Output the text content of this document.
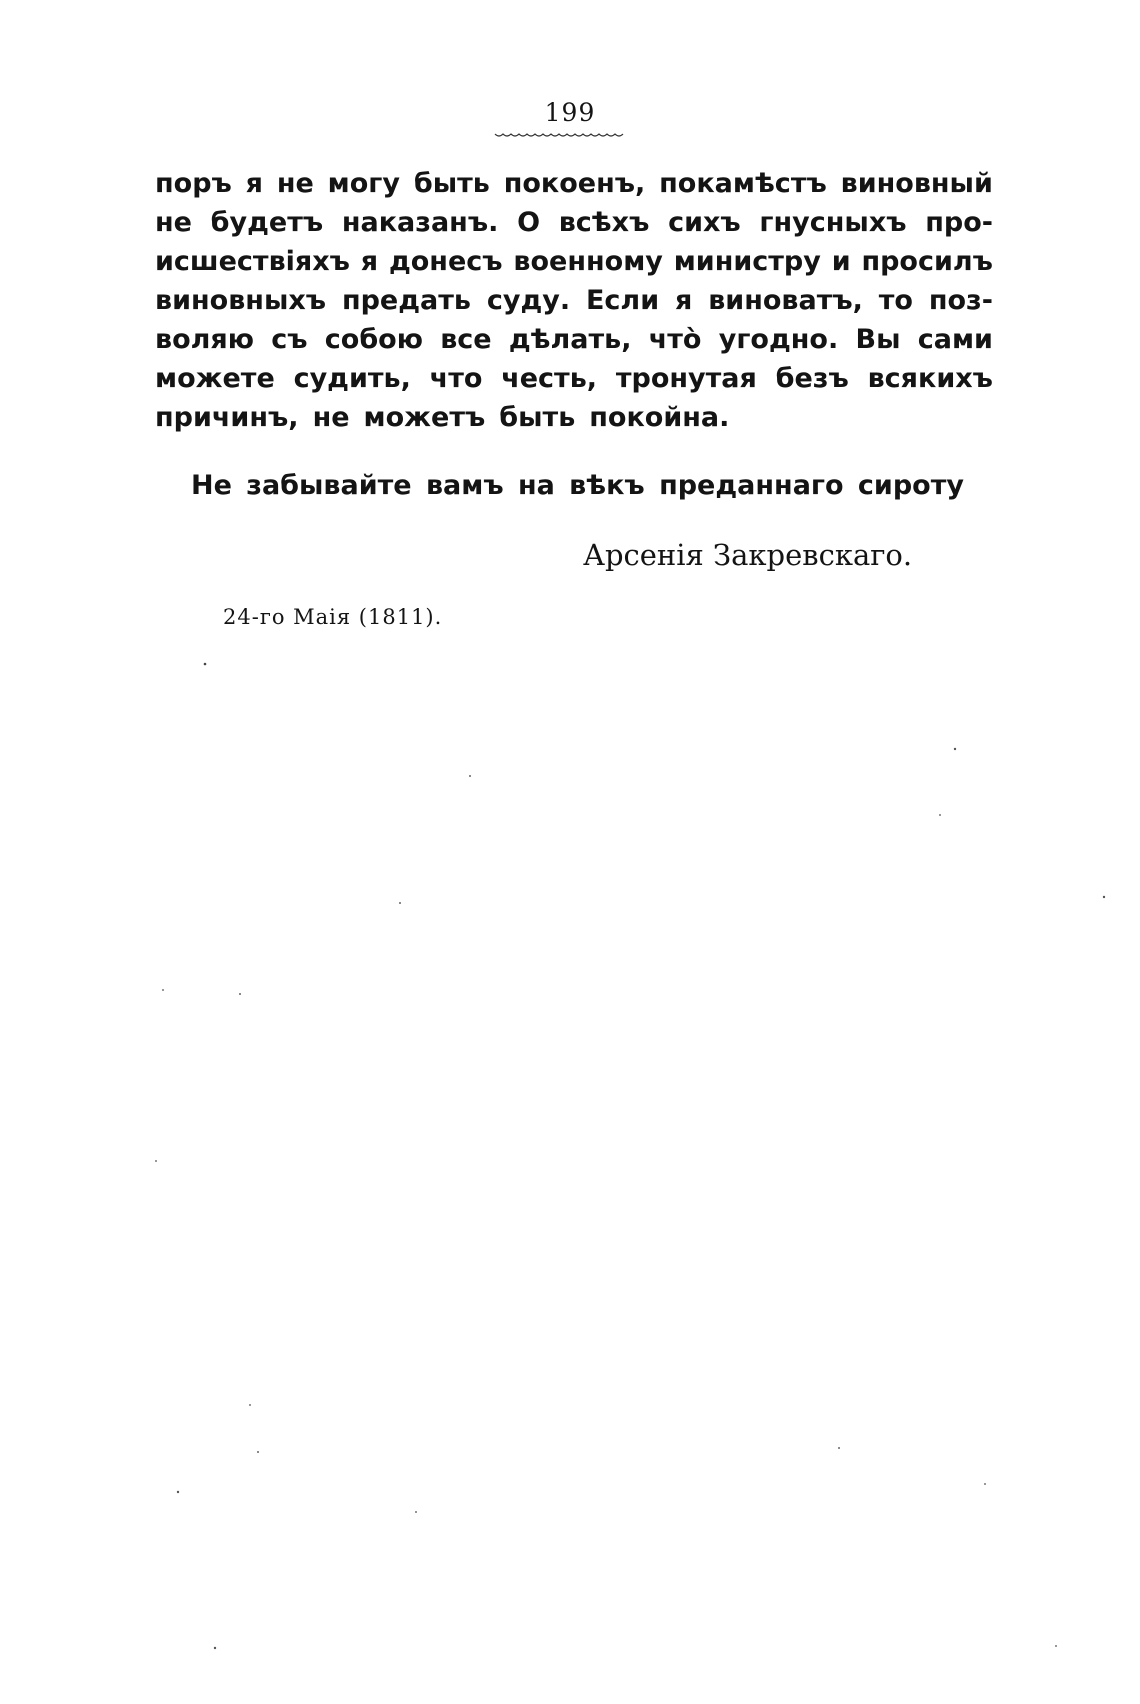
199
поръ я не могу быть покоенъ, покамѣстъ виновный
не будетъ наказанъ. О всѣхъ сихъ гнусныхъ про-
исшествіяхъ я донесъ военному министру и просилъ
виновныхъ предать суду. Если я виноватъ, то поз-
воляю съ собою все дѣлать, чтò угодно. Вы сами
можете судить, что честь, тронутая безъ всякихъ
причинъ, не можетъ быть покойна.
Не забывайте вамъ на вѣкъ преданнаго сироту
Арсенія Закревскаго.
24-го Маія (1811).
